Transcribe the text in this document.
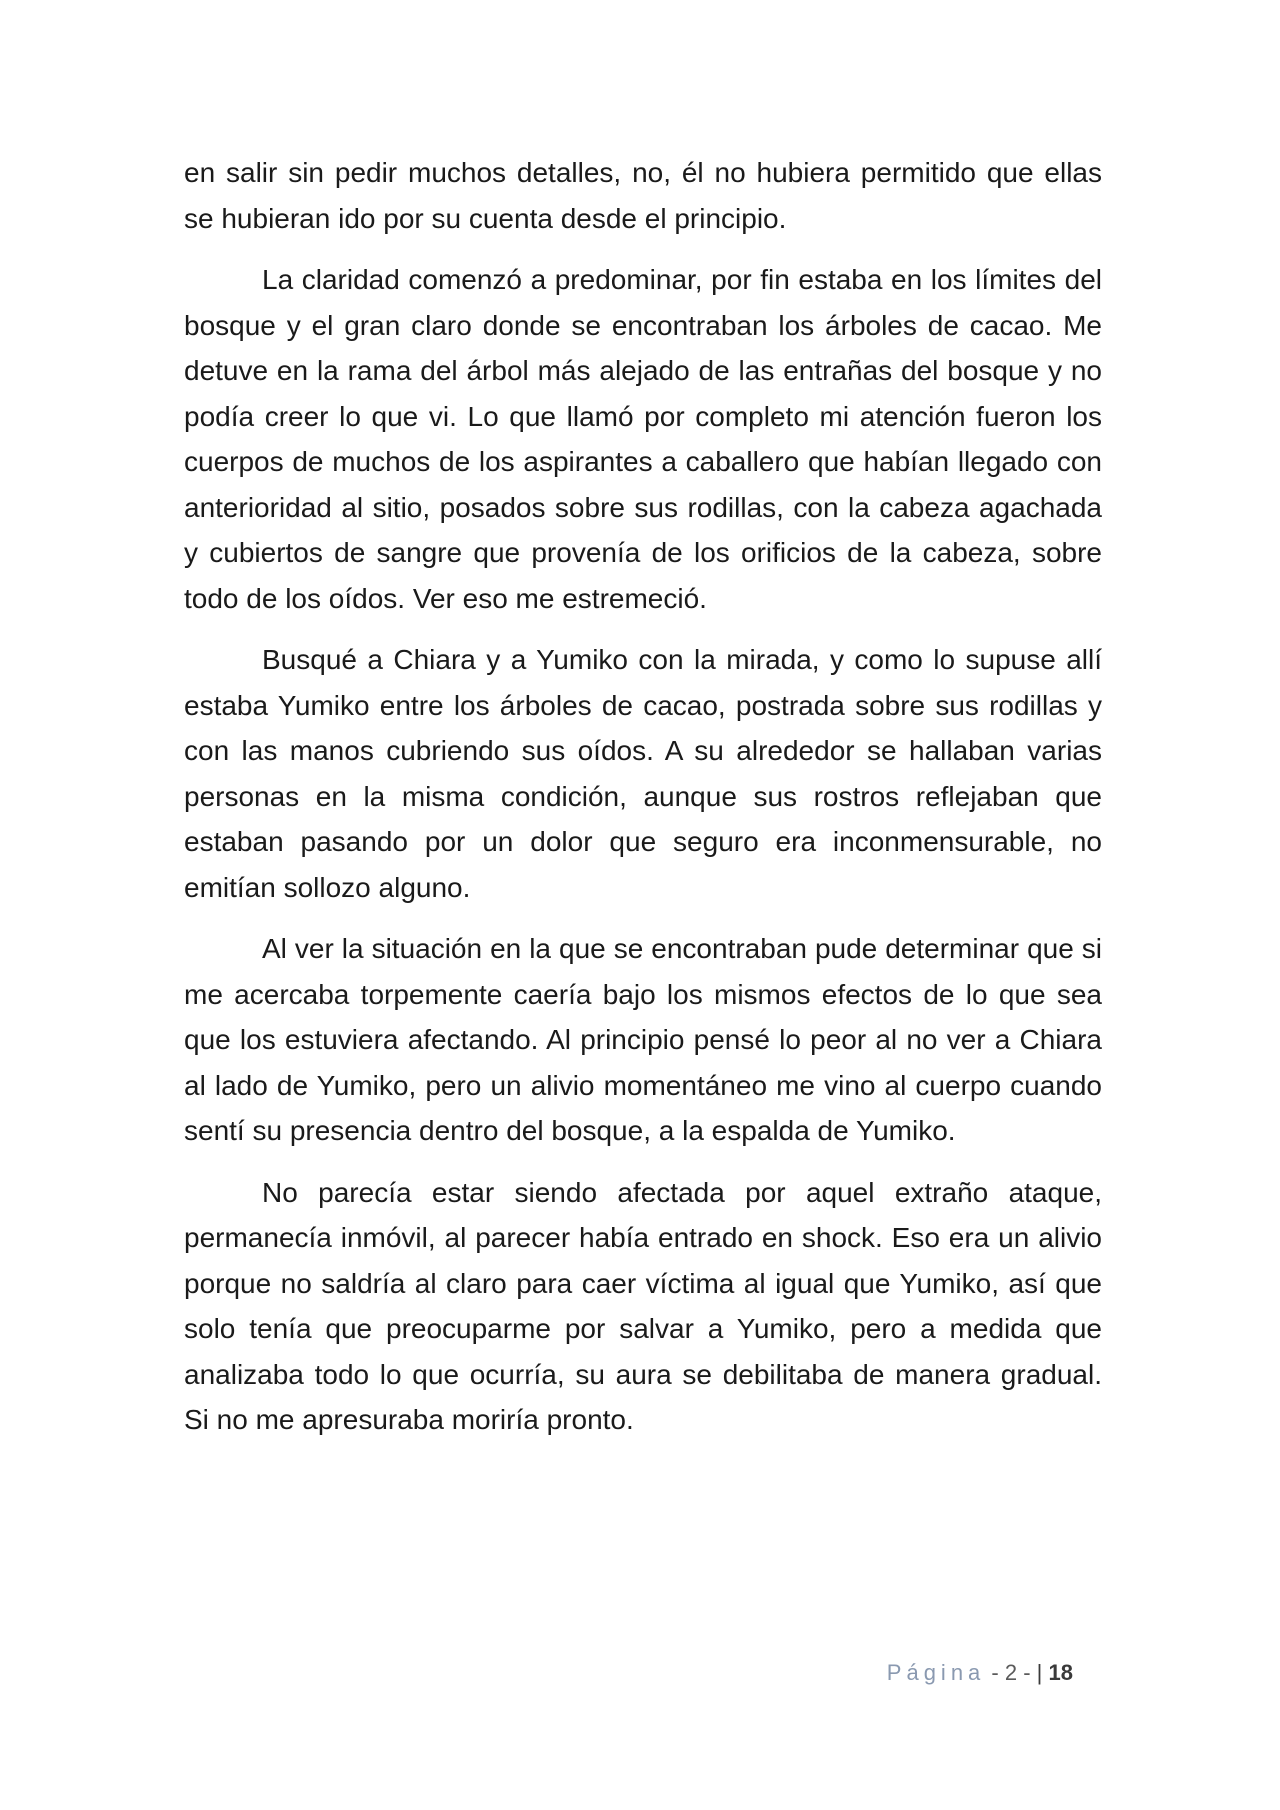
en salir sin pedir muchos detalles, no, él no hubiera permitido que ellas se hubieran ido por su cuenta desde el principio.

La claridad comenzó a predominar, por fin estaba en los límites del bosque y el gran claro donde se encontraban los árboles de cacao. Me detuve en la rama del árbol más alejado de las entrañas del bosque y no podía creer lo que vi. Lo que llamó por completo mi atención fueron los cuerpos de muchos de los aspirantes a caballero que habían llegado con anterioridad al sitio, posados sobre sus rodillas, con la cabeza agachada y cubiertos de sangre que provenía de los orificios de la cabeza, sobre todo de los oídos. Ver eso me estremeció.

Busqué a Chiara y a Yumiko con la mirada, y como lo supuse allí estaba Yumiko entre los árboles de cacao, postrada sobre sus rodillas y con las manos cubriendo sus oídos. A su alrededor se hallaban varias personas en la misma condición, aunque sus rostros reflejaban que estaban pasando por un dolor que seguro era inconmensurable, no emitían sollozo alguno.

Al ver la situación en la que se encontraban pude determinar que si me acercaba torpemente caería bajo los mismos efectos de lo que sea que los estuviera afectando. Al principio pensé lo peor al no ver a Chiara al lado de Yumiko, pero un alivio momentáneo me vino al cuerpo cuando sentí su presencia dentro del bosque, a la espalda de Yumiko.

No parecía estar siendo afectada por aquel extraño ataque, permanecía inmóvil, al parecer había entrado en shock. Eso era un alivio porque no saldría al claro para caer víctima al igual que Yumiko, así que solo tenía que preocuparme por salvar a Yumiko, pero a medida que analizaba todo lo que ocurría, su aura se debilitaba de manera gradual. Si no me apresuraba moriría pronto.

Página - 2 - | 18
